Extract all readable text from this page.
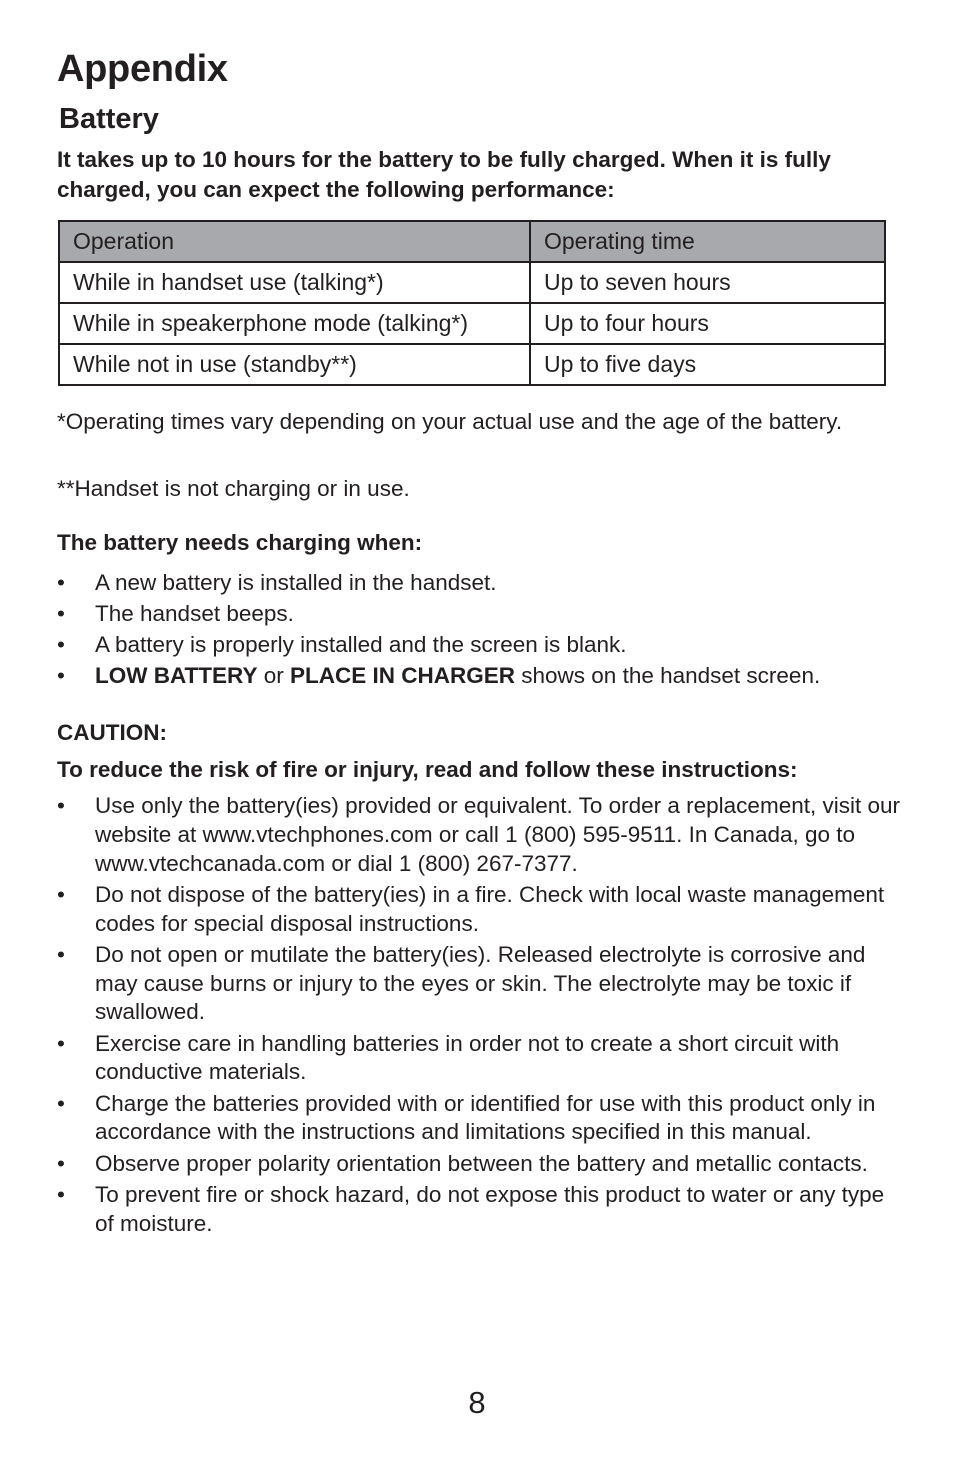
Appendix
Battery

It takes up to 10 hours for the battery to be fully charged. When it is fully charged, you can expect the following performance:

Operation	Operating time
While in handset use (talking*)	Up to seven hours
While in speakerphone mode (talking*)	Up to four hours
While not in use (standby**)	Up to five days

*Operating times vary depending on your actual use and the age of the battery.

**Handset is not charging or in use.

The battery needs charging when:

• A new battery is installed in the handset.
• The handset beeps.
• A battery is properly installed and the screen is blank.
• LOW BATTERY or PLACE IN CHARGER shows on the handset screen.

CAUTION:

To reduce the risk of fire or injury, read and follow these instructions:

• Use only the battery(ies) provided or equivalent. To order a replacement, visit our website at www.vtechphones.com or call 1 (800) 595-9511. In Canada, go to www.vtechcanada.com or dial 1 (800) 267-7377.
• Do not dispose of the battery(ies) in a fire. Check with local waste management codes for special disposal instructions.
• Do not open or mutilate the battery(ies). Released electrolyte is corrosive and may cause burns or injury to the eyes or skin. The electrolyte may be toxic if swallowed.
• Exercise care in handling batteries in order not to create a short circuit with conductive materials.
• Charge the batteries provided with or identified for use with this product only in accordance with the instructions and limitations specified in this manual.
• Observe proper polarity orientation between the battery and metallic contacts.
• To prevent fire or shock hazard, do not expose this product to water or any type of moisture.

8
